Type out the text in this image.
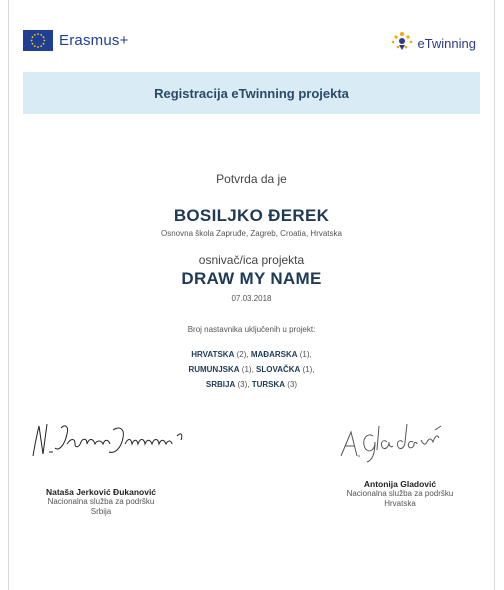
Erasmus+	eTwinning
Registracija eTwinning projekta
Potvrda da je
BOSILJKO ĐEREK
Osnovna škola Zapruđe, Zagreb, Croatia, Hrvatska
osnivač/ica projekta
DRAW MY NAME
07.03.2018
Broj nastavnika uključenih u projekt:
HRVATSKA (2), MAĐARSKA (1),
RUMUNJSKA (1), SLOVAČKA (1),
SRBIJA (3), TURSKA (3)
Nataša Jerković Đukanović
Nacionalna služba za podršku
Srbija
Antonija Gladović
Nacionalna služba za podršku
Hrvatska
